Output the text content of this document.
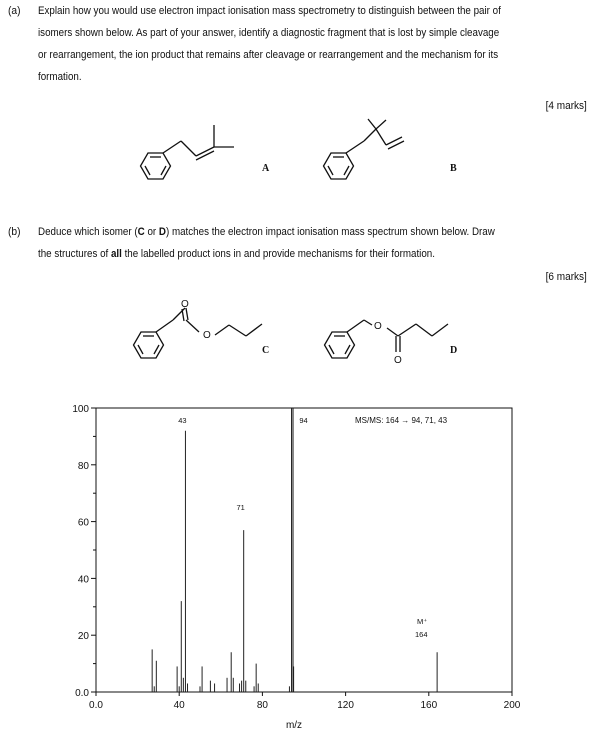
(a) Explain how you would use electron impact ionisation mass spectrometry to distinguish between the pair of
isomers shown below. As part of your answer, identify a diagnostic fragment that is lost by simple cleavage
or rearrangement, the ion product that remains after cleavage or rearrangement and the mechanism for its
formation.
[4 marks]
A	B
(b) Deduce which isomer (C or D) matches the electron impact ionisation mass spectrum shown below. Draw
the structures of all the labelled product ions in and provide mechanisms for their formation.
[6 marks]
O
O
O
O
C	D
0.0
20
40
60
80
100
0.0	40	80	120	160	200
43
71
94	MS/MS: 164 → 94, 71, 43
M⁺
164
m/z
